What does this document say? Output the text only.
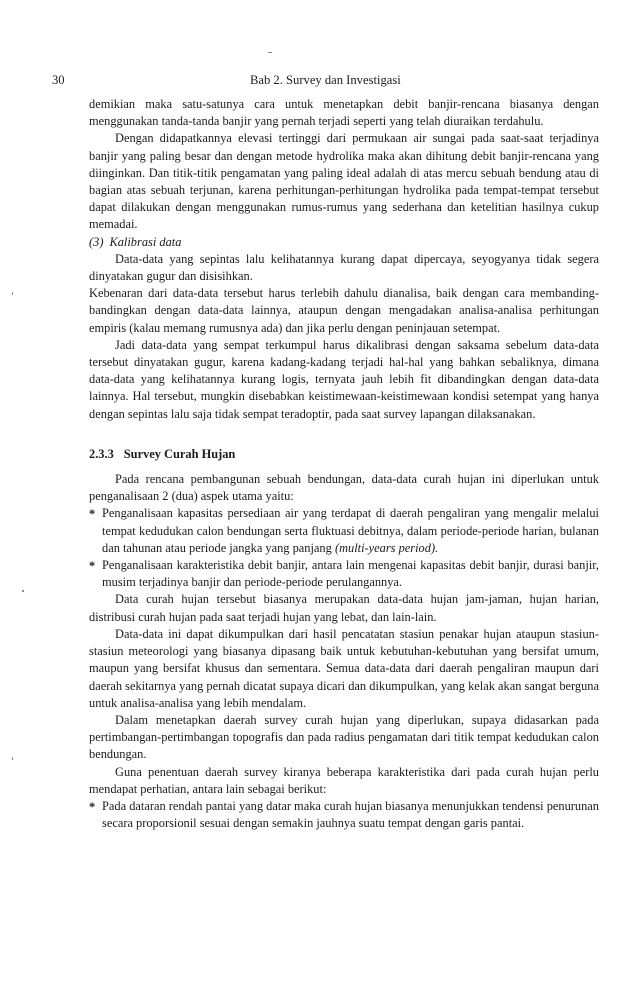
30	Bab 2. Survey dan Investigasi

demikian maka satu-satunya cara untuk menetapkan debit banjir-rencana biasanya dengan menggunakan tanda-tanda banjir yang pernah terjadi seperti yang telah diuraikan terdahulu.

Dengan didapatkannya elevasi tertinggi dari permukaan air sungai pada saat-saat terjadinya banjir yang paling besar dan dengan metode hydrolika maka akan dihitung debit banjir-rencana yang diinginkan. Dan titik-titik pengamatan yang paling ideal adalah di atas mercu sebuah bendung atau di bagian atas sebuah terjunan, karena perhitungan-perhitungan hydrolika pada tempat-tempat tersebut dapat dilakukan dengan menggunakan rumus-rumus yang sederhana dan ketelitian hasilnya cukup memadai.

(3) Kalibrasi data

Data-data yang sepintas lalu kelihatannya kurang dapat dipercaya, seyogyanya tidak segera dinyatakan gugur dan disisihkan.

Kebenaran dari data-data tersebut harus terlebih dahulu dianalisa, baik dengan cara membanding-bandingkan dengan data-data lainnya, ataupun dengan mengadakan analisa-analisa perhitungan empiris (kalau memang rumusnya ada) dan jika perlu dengan peninjauan setempat.

Jadi data-data yang sempat terkumpul harus dikalibrasi dengan saksama sebelum data-data tersebut dinyatakan gugur, karena kadang-kadang terjadi hal-hal yang bahkan sebaliknya, dimana data-data yang kelihatannya kurang logis, ternyata jauh lebih fit dibandingkan dengan data-data lainnya. Hal tersebut, mungkin disebabkan keistimewaan-keistimewaan kondisi setempat yang hanya dengan sepintas lalu saja tidak sempat teradoptir, pada saat survey lapangan dilaksanakan.

2.3.3 Survey Curah Hujan

Pada rencana pembangunan sebuah bendungan, data-data curah hujan ini diperlukan untuk penganalisaan 2 (dua) aspek utama yaitu:

* Penganalisaan kapasitas persediaan air yang terdapat di daerah pengaliran yang mengalir melalui tempat kedudukan calon bendungan serta fluktuasi debitnya, dalam periode-periode harian, bulanan dan tahunan atau periode jangka yang panjang (multi-years period).
* Penganalisaan karakteristika debit banjir, antara lain mengenai kapasitas debit banjir, durasi banjir, musim terjadinya banjir dan periode-periode perulangannya.

Data curah hujan tersebut biasanya merupakan data-data hujan jam-jaman, hujan harian, distribusi curah hujan pada saat terjadi hujan yang lebat, dan lain-lain.

Data-data ini dapat dikumpulkan dari hasil pencatatan stasiun penakar hujan ataupun stasiun-stasiun meteorologi yang biasanya dipasang baik untuk kebutuhan-kebutuhan yang bersifat umum, maupun yang bersifat khusus dan sementara. Semua data-data dari daerah pengaliran maupun dari daerah sekitarnya yang pernah dicatat supaya dicari dan dikumpulkan, yang kelak akan sangat berguna untuk analisa-analisa yang lebih mendalam.

Dalam menetapkan daerah survey curah hujan yang diperlukan, supaya didasarkan pada pertimbangan-pertimbangan topografis dan pada radius pengamatan dari titik tempat kedudukan calon bendungan.

Guna penentuan daerah survey kiranya beberapa karakteristika dari pada curah hujan perlu mendapat perhatian, antara lain sebagai berikut:

* Pada dataran rendah pantai yang datar maka curah hujan biasanya menunjukkan tendensi penurunan secara proporsionil sesuai dengan semakin jauhnya suatu tempat dengan garis pantai.
